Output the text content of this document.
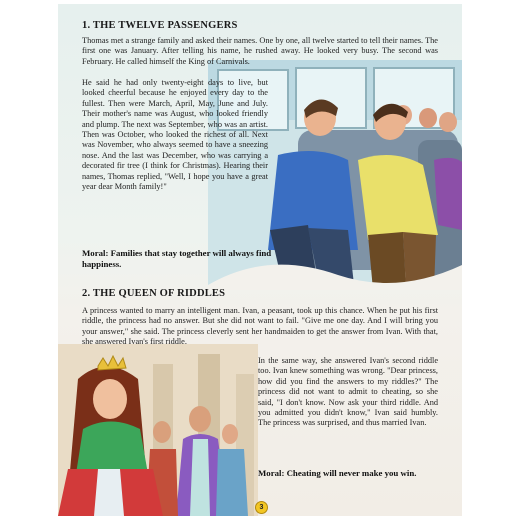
1. THE TWELVE PASSENGERS
Thomas met a strange family and asked their names. One by one, all twelve started to tell their names. The first one was January. After telling his name, he rushed away. He looked very busy. The second was February. He called himself the King of Carnivals.
He said he had only twenty-eight days to live, but looked cheerful because he enjoyed every day to the fullest. Then were March, April, May, June and July. Their mother's name was August, who looked friendly and plump. The next was September, who was an artist. Then was October, who looked the richest of all. Next was November, who always seemed to have a sneezing nose. And the last was December, who was carrying a decorated fir tree (I think for Christmas). Hearing their names, Thomas replied, "Well, I hope you have a great year dear Month family!"
Moral: Families that stay together will always find happiness.
2. THE QUEEN OF RIDDLES
A princess wanted to marry an intelligent man. Ivan, a peasant, took up this chance. When he put his first riddle, the princess had no answer. But she did not want to fail. "Give me one day. And I will bring you your answer," she said. The princess cleverly sent her handmaiden to get the answer from Ivan. With that, she answered Ivan's first riddle.
In the same way, she answered Ivan's second riddle too. Ivan knew something was wrong. "Dear princess, how did you find the answers to my riddles?" The princess did not want to admit to cheating, so she said, "I don't know. Now ask your third riddle. And you admitted you didn't know," Ivan said humbly. The princess was surprised, and thus married Ivan.
Moral: Cheating will never make you win.
3
